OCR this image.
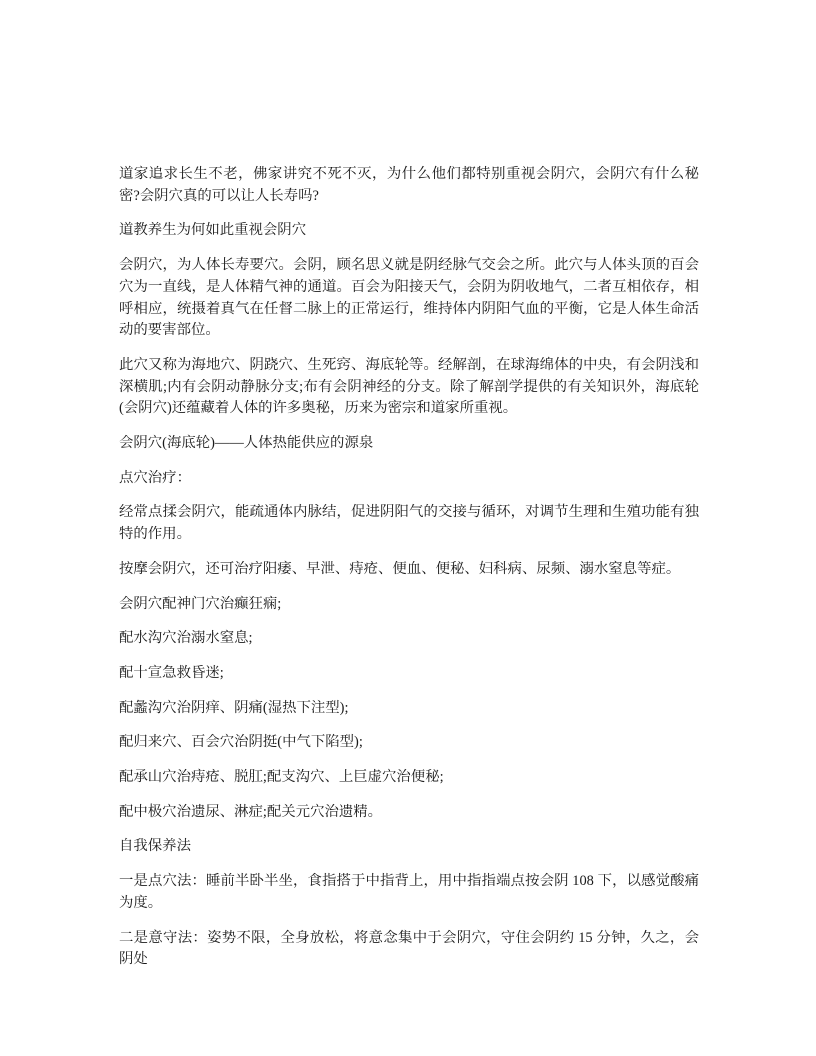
道家追求长生不老，佛家讲究不死不灭，为什么他们都特别重视会阴穴，会阴穴有什么秘密?会阴穴真的可以让人长寿吗?

道教养生为何如此重视会阴穴

会阴穴，为人体长寿要穴。会阴，顾名思义就是阴经脉气交会之所。此穴与人体头顶的百会穴为一直线，是人体精气神的通道。百会为阳接天气，会阴为阴收地气，二者互相依存，相呼相应，统摄着真气在任督二脉上的正常运行，维持体内阴阳气血的平衡，它是人体生命活动的要害部位。

此穴又称为海地穴、阴跷穴、生死窍、海底轮等。经解剖，在球海绵体的中央，有会阴浅和深横肌;内有会阴动静脉分支;布有会阴神经的分支。除了解剖学提供的有关知识外，海底轮(会阴穴)还蕴藏着人体的许多奥秘，历来为密宗和道家所重视。

会阴穴(海底轮)——人体热能供应的源泉

点穴治疗：

经常点揉会阴穴，能疏通体内脉结，促进阴阳气的交接与循环，对调节生理和生殖功能有独特的作用。

按摩会阴穴，还可治疗阳痿、早泄、痔疮、便血、便秘、妇科病、尿频、溺水窒息等症。

会阴穴配神门穴治癫狂痫;

配水沟穴治溺水窒息;

配十宣急救昏迷;

配蠡沟穴治阴痒、阴痛(湿热下注型);

配归来穴、百会穴治阴挺(中气下陷型);

配承山穴治痔疮、脱肛;配支沟穴、上巨虚穴治便秘;

配中极穴治遗尿、淋症;配关元穴治遗精。

自我保养法

一是点穴法：睡前半卧半坐，食指搭于中指背上，用中指指端点按会阴 108 下，以感觉酸痛为度。

二是意守法：姿势不限，全身放松，将意念集中于会阴穴，守住会阴约 15 分钟，久之，会阴处
